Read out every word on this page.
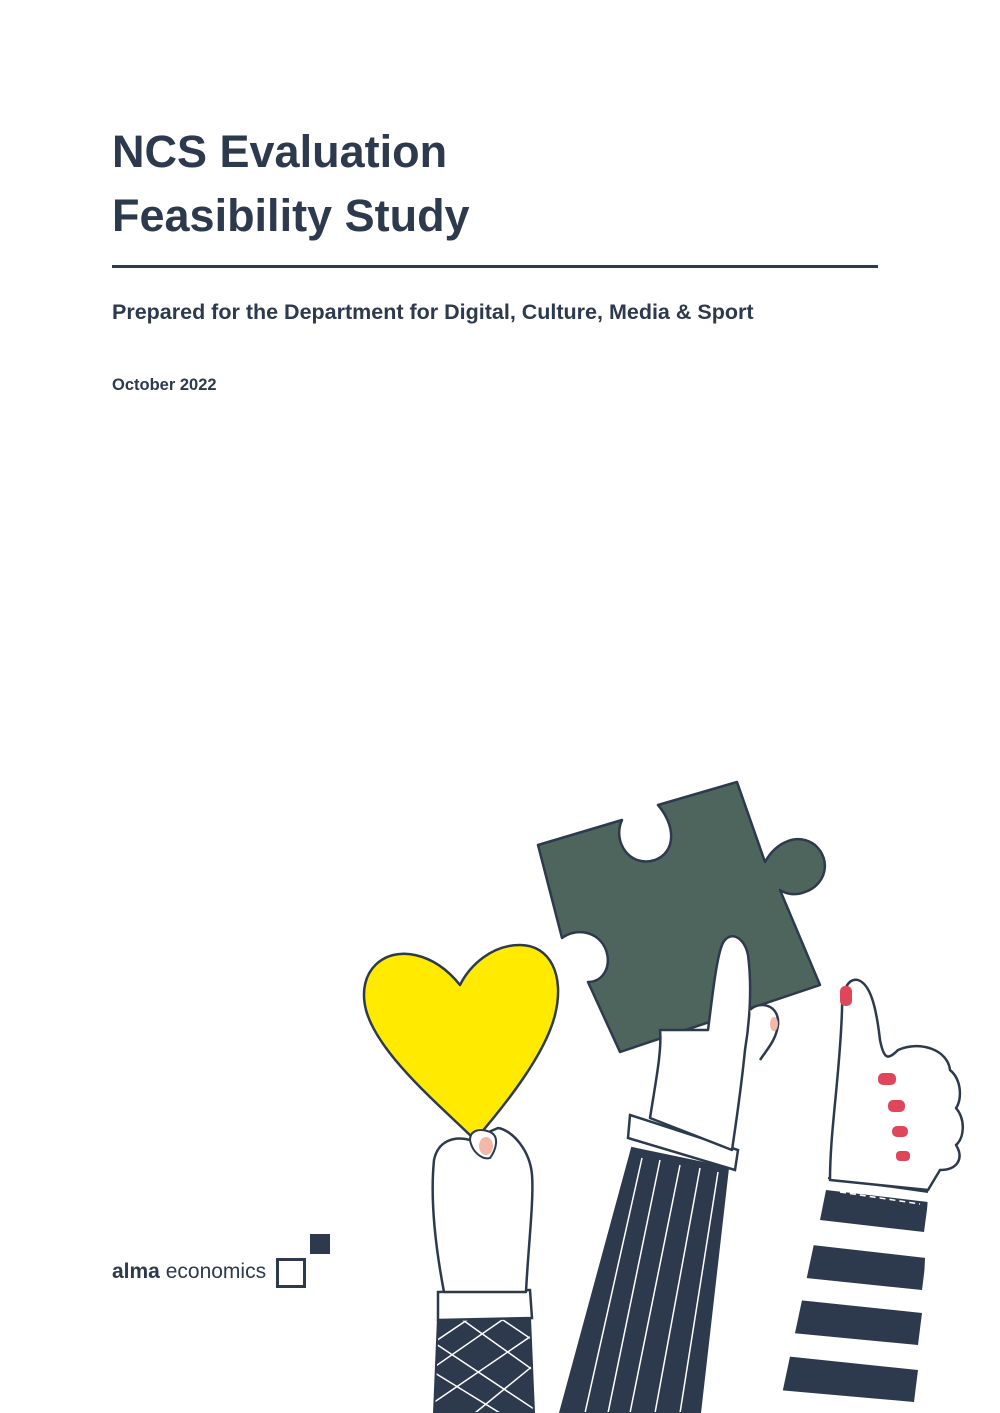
NCS Evaluation
Feasibility Study
Prepared for the Department for Digital, Culture, Media & Sport
October 2022
alma economics
